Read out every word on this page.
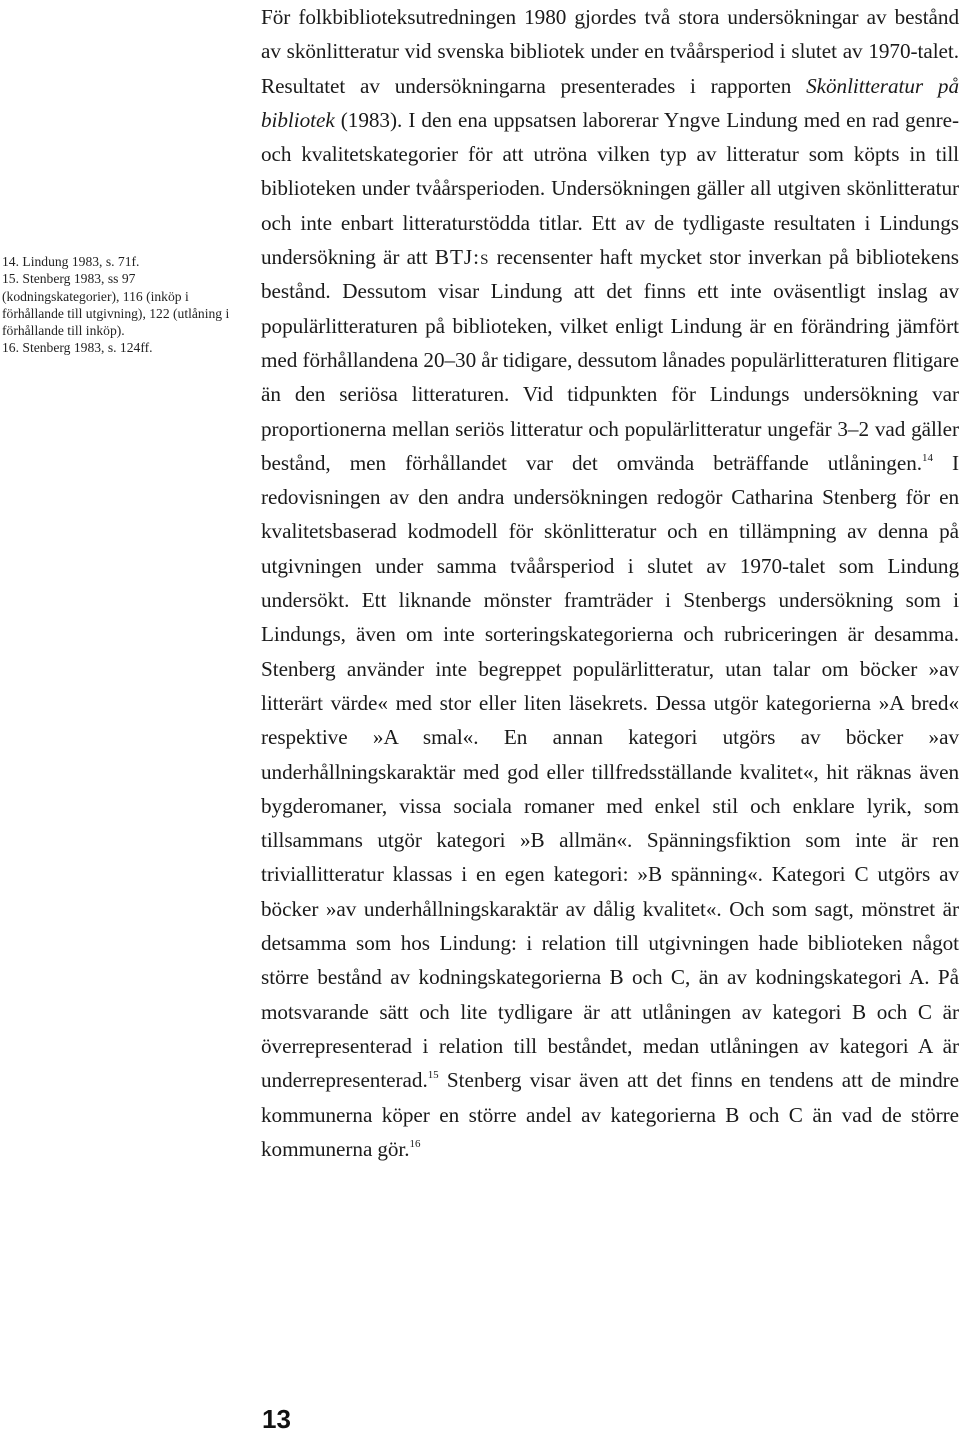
14. Lindung 1983, s. 71f.

15. Stenberg 1983, ss 97 (kodningskategorier), 116 (inköp i förhållande till utgivning), 122 (utlåning i förhållande till inköp).

16. Stenberg 1983, s. 124ff.

För folkbiblioteksutredningen 1980 gjordes två stora undersökningar av bestånd av skönlitteratur vid svenska bibliotek under en tvåårsperiod i slutet av 1970-talet. Resultatet av undersökningarna presenterades i rapporten Skönlitteratur på bibliotek (1983). I den ena uppsatsen laborerar Yngve Lindung med en rad genre- och kvalitetskategorier för att utröna vilken typ av litteratur som köpts in till biblioteken under tvåårsperioden. Undersökningen gäller all utgiven skönlitteratur och inte enbart litteraturstödda titlar. Ett av de tydligaste resultaten i Lindungs undersökning är att BTJ:s recensenter haft mycket stor inverkan på bibliotekens bestånd. Dessutom visar Lindung att det finns ett inte oväsentligt inslag av populärlitteraturen på biblioteken, vilket enligt Lindung är en förändring jämfört med förhållandena 20–30 år tidigare, dessutom lånades populärlitteraturen flitigare än den seriösa litteraturen. Vid tidpunkten för Lindungs undersökning var proportionerna mellan seriös litteratur och populärlitteratur ungefär 3–2 vad gäller bestånd, men förhållandet var det omvända beträffande utlåningen.$^{14}$ I redovisningen av den andra undersökningen redogör Catharina Stenberg för en kvalitetsbaserad kodmodell för skönlitteratur och en tillämpning av denna på utgivningen under samma tvåårsperiod i slutet av 1970-talet som Lindung undersökt. Ett liknande mönster framträder i Stenbergs undersökning som i Lindungs, även om inte sorteringskategorierna och rubriceringen är desamma. Stenberg använder inte begreppet populärlitteratur, utan talar om böcker »av litterärt värde« med stor eller liten läsekrets. Dessa utgör kategorierna »A bred« respektive »A smal«. En annan kategori utgörs av böcker »av underhållningskaraktär med god eller tillfredsställande kvalitet«, hit räknas även bygderomaner, vissa sociala romaner med enkel stil och enklare lyrik, som tillsammans utgör kategori »B allmän«. Spänningsfiktion som inte är ren triviallitteratur klassas i en egen kategori: »B spänning«. Kategori C utgörs av böcker »av underhållningskaraktär av dålig kvalitet«. Och som sagt, mönstret är detsamma som hos Lindung: i relation till utgivningen hade biblioteken något större bestånd av kodningskategorierna B och C, än av kodningskategori A. På motsvarande sätt och lite tydligare är att utlåningen av kategori B och C är överrepresenterad i relation till beståndet, medan utlåningen av kategori A är underrepresenterad.$^{15}$ Stenberg visar även att det finns en tendens att de mindre kommunerna köper en större andel av kategorierna B och C än vad de större kommunerna gör.$^{16}$

13
